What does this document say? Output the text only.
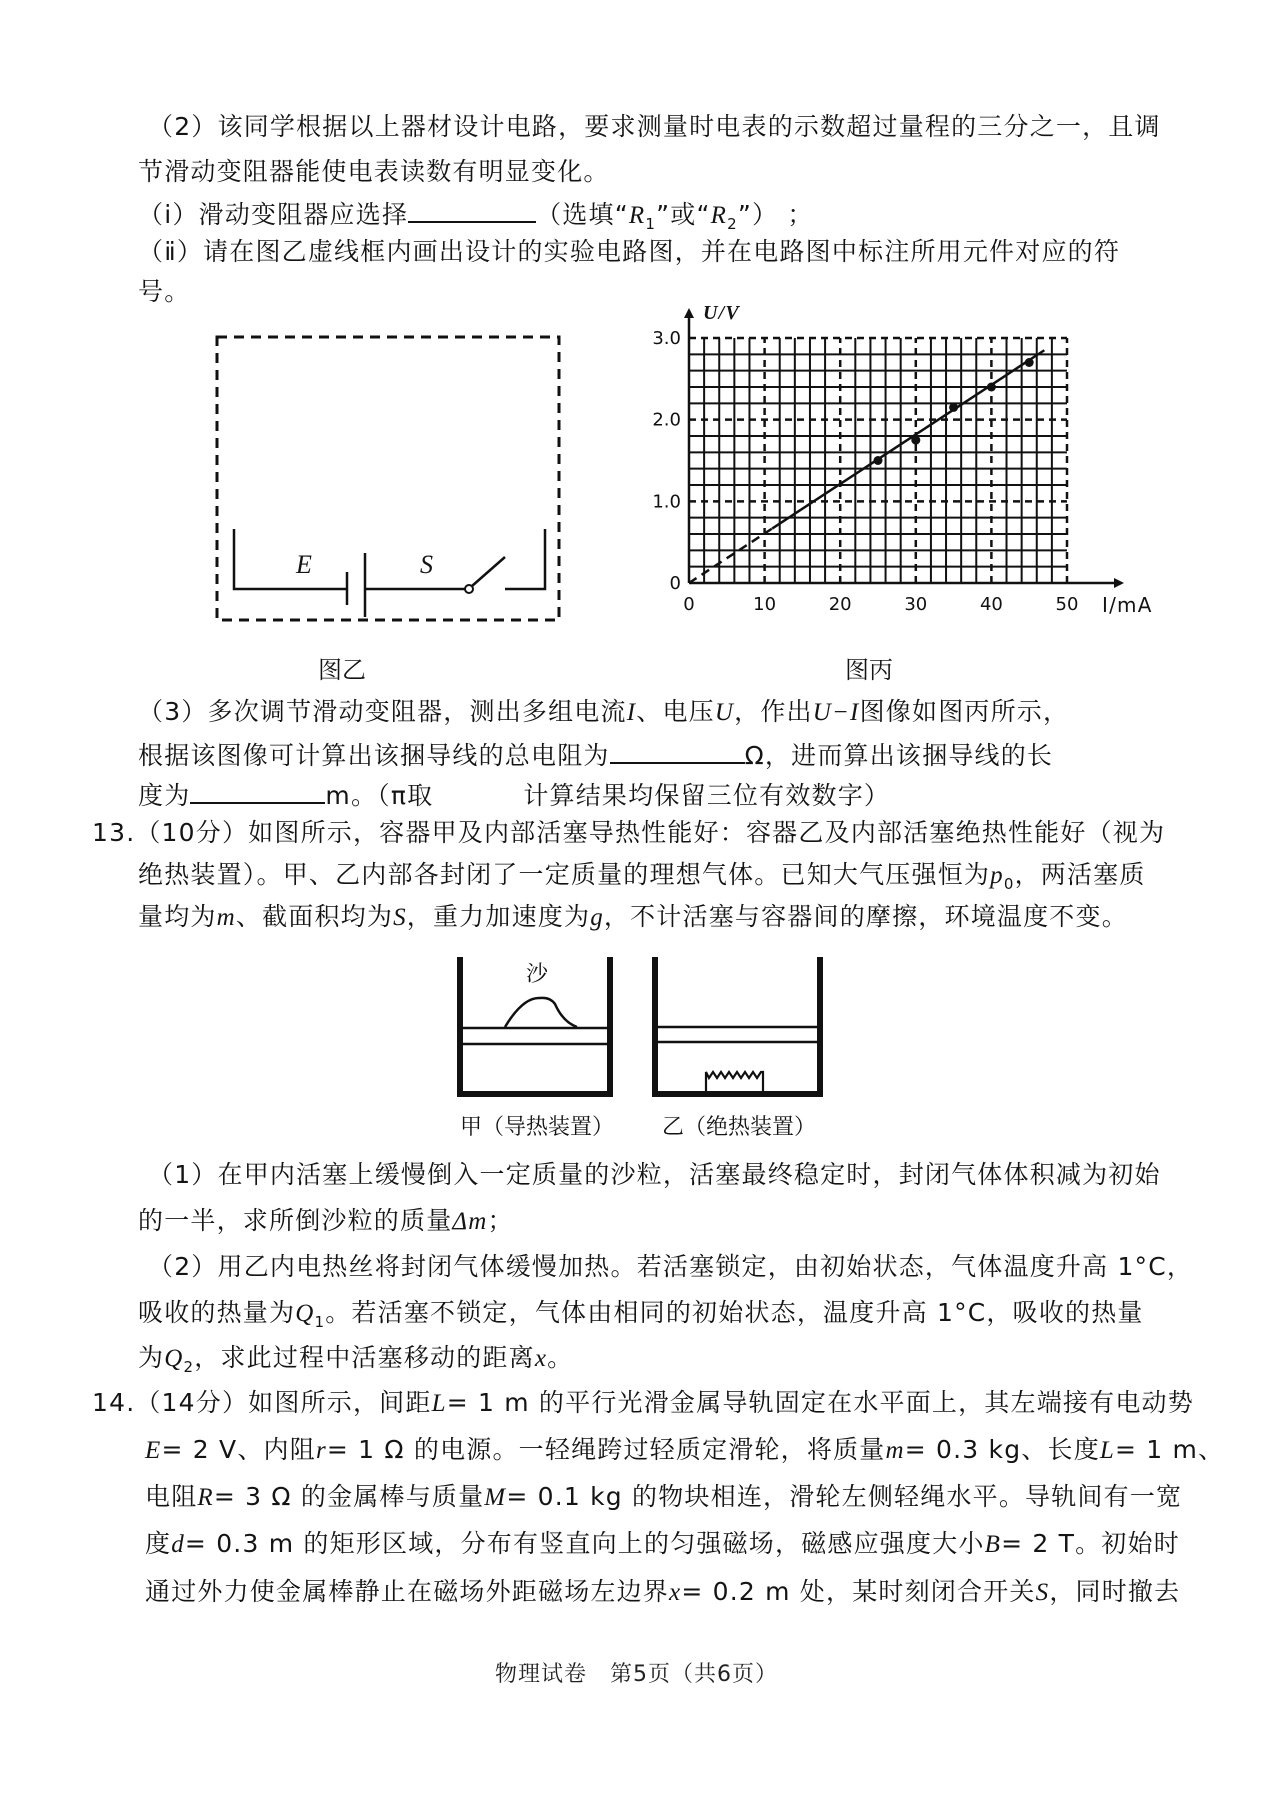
（2）该同学根据以上器材设计电路，要求测量时电表的示数超过量程的三分之一，且调
节滑动变阻器能使电表读数有明显变化。
（ⅰ）滑动变阻器应选择	（选填“$R_1$”或“$R_2$”） ；
（ⅱ）请在图乙虚线框内画出设计的实验电路图，并在电路图中标注所用元件对应的符
号。
E	S
图乙
0	10	20	30	40	50
0
1.0
2.0
3.0
U/V
I/mA
图丙
（3）多次调节滑动变阻器，测出多组电流I、电压U，作出U−I图像如图丙所示，
根据该图像可计算出该捆导线的总电阻为	Ω，进而算出该捆导线的长
度为	m。（π取	计算结果均保留三位有效数字）
13.（10分）如图所示，容器甲及内部活塞导热性能好：容器乙及内部活塞绝热性能好（视为
绝热装置）。甲、乙内部各封闭了一定质量的理想气体。已知大气压强恒为$p_0$，两活塞质
量均为m、截面积均为S，重力加速度为g，不计活塞与容器间的摩擦，环境温度不变。
沙
甲（导热装置） 乙（绝热装置）
（1）在甲内活塞上缓慢倒入一定质量的沙粒，活塞最终稳定时，封闭气体体积减为初始
的一半，求所倒沙粒的质量Δm；
（2）用乙内电热丝将封闭气体缓慢加热。若活塞锁定，由初始状态，气体温度升高 1°C，
吸收的热量为$Q_1$。若活塞不锁定，气体由相同的初始状态，温度升高 1°C，吸收的热量
为$Q_2$，求此过程中活塞移动的距离x。
14.（14分）如图所示，间距L= 1 m 的平行光滑金属导轨固定在水平面上，其左端接有电动势
E= 2 V、内阻r= 1 Ω 的电源。一轻绳跨过轻质定滑轮，将质量m= 0.3 kg、长度L= 1 m、
电阻R= 3 Ω 的金属棒与质量M= 0.1 kg 的物块相连，滑轮左侧轻绳水平。导轨间有一宽
度d= 0.3 m 的矩形区域，分布有竖直向上的匀强磁场，磁感应强度大小B= 2 T。初始时
通过外力使金属棒静止在磁场外距磁场左边界x= 0.2 m 处，某时刻闭合开关S，同时撤去
物理试卷　第5页（共6页）
